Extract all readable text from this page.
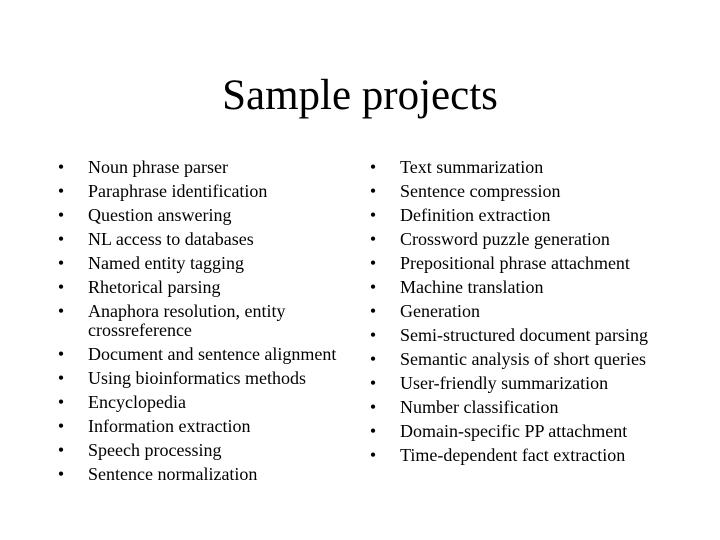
Sample projects
• Noun phrase parser
• Paraphrase identification
• Question answering
• NL access to databases
• Named entity tagging
• Rhetorical parsing
• Anaphora resolution, entity crossreference
• Document and sentence alignment
• Using bioinformatics methods
• Encyclopedia
• Information extraction
• Speech processing
• Sentence normalization
• Text summarization
• Sentence compression
• Definition extraction
• Crossword puzzle generation
• Prepositional phrase attachment
• Machine translation
• Generation
• Semi-structured document parsing
• Semantic analysis of short queries
• User-friendly summarization
• Number classification
• Domain-specific PP attachment
• Time-dependent fact extraction
